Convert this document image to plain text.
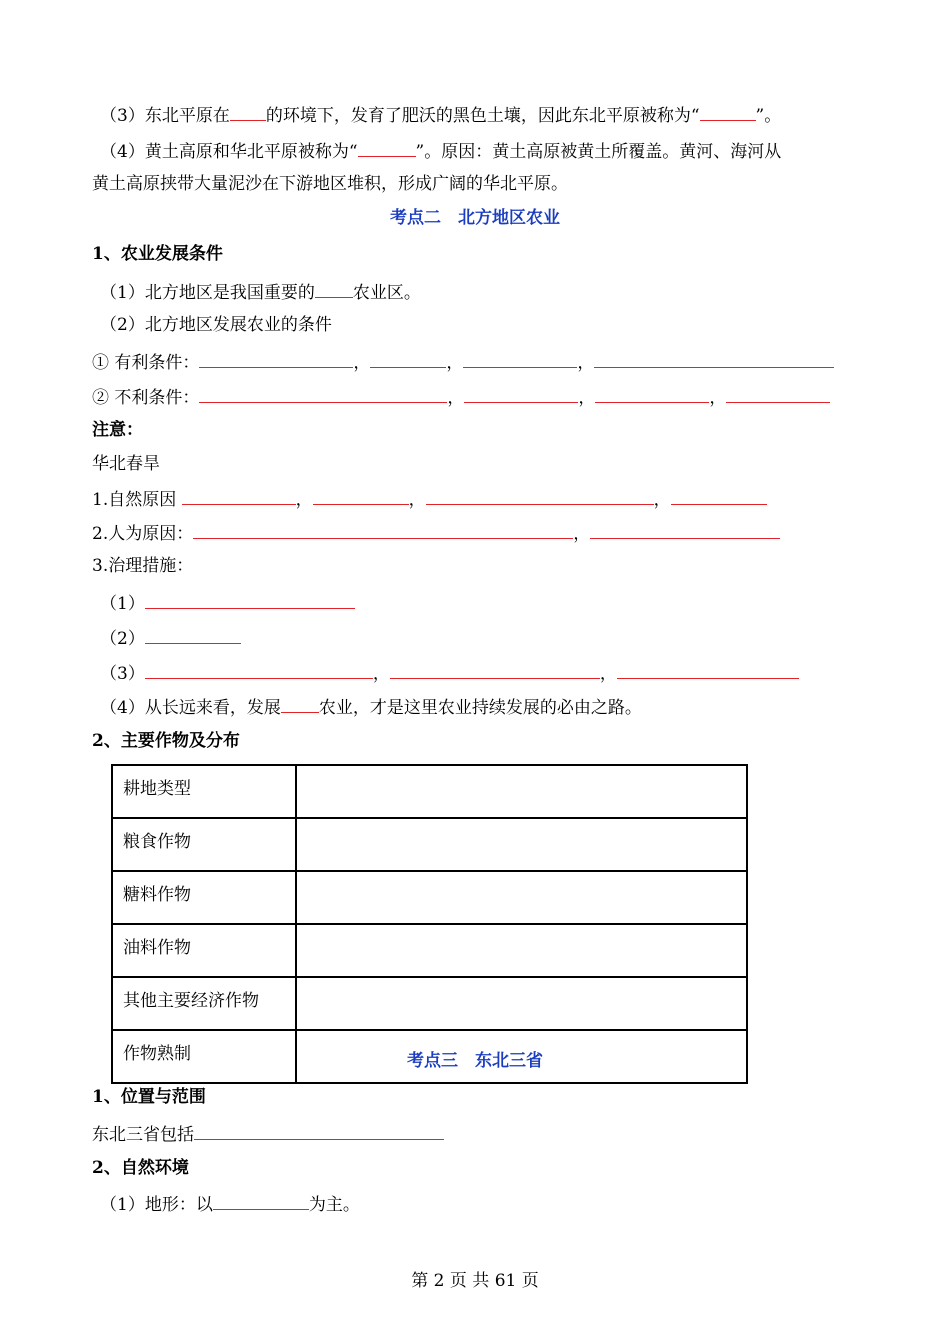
（3）东北平原在 的环境下，发育了肥沃的黑色土壤，因此东北平原被称为“	”。
（4）黄土高原和华北平原被称为“	”。原因：黄土高原被黄土所覆盖。黄河、海河从
黄土高原挟带大量泥沙在下游地区堆积，形成广阔的华北平原。
考点二　北方地区农业
1、农业发展条件
（1）北方地区是我国重要的 农业区。
（2）北方地区发展农业的条件
① 有利条件：	，	，	，
② 不利条件：	，	，	，
注意：
华北春旱
1.自然原因	，	，	，
2.人为原因：	，
3.治理措施：
（1）
（2）
（3）	，	，
（4）从长远来看，发展 农业，才是这里农业持续发展的必由之路。
2、主要作物及分布
耕地类型	
粮食作物	
糖料作物	
油料作物	
其他主要经济作物	
作物熟制		考点三　东北三省
1、位置与范围
东北三省包括
2、自然环境
（1）地形：以	为主。
第 2 页 共 61 页
